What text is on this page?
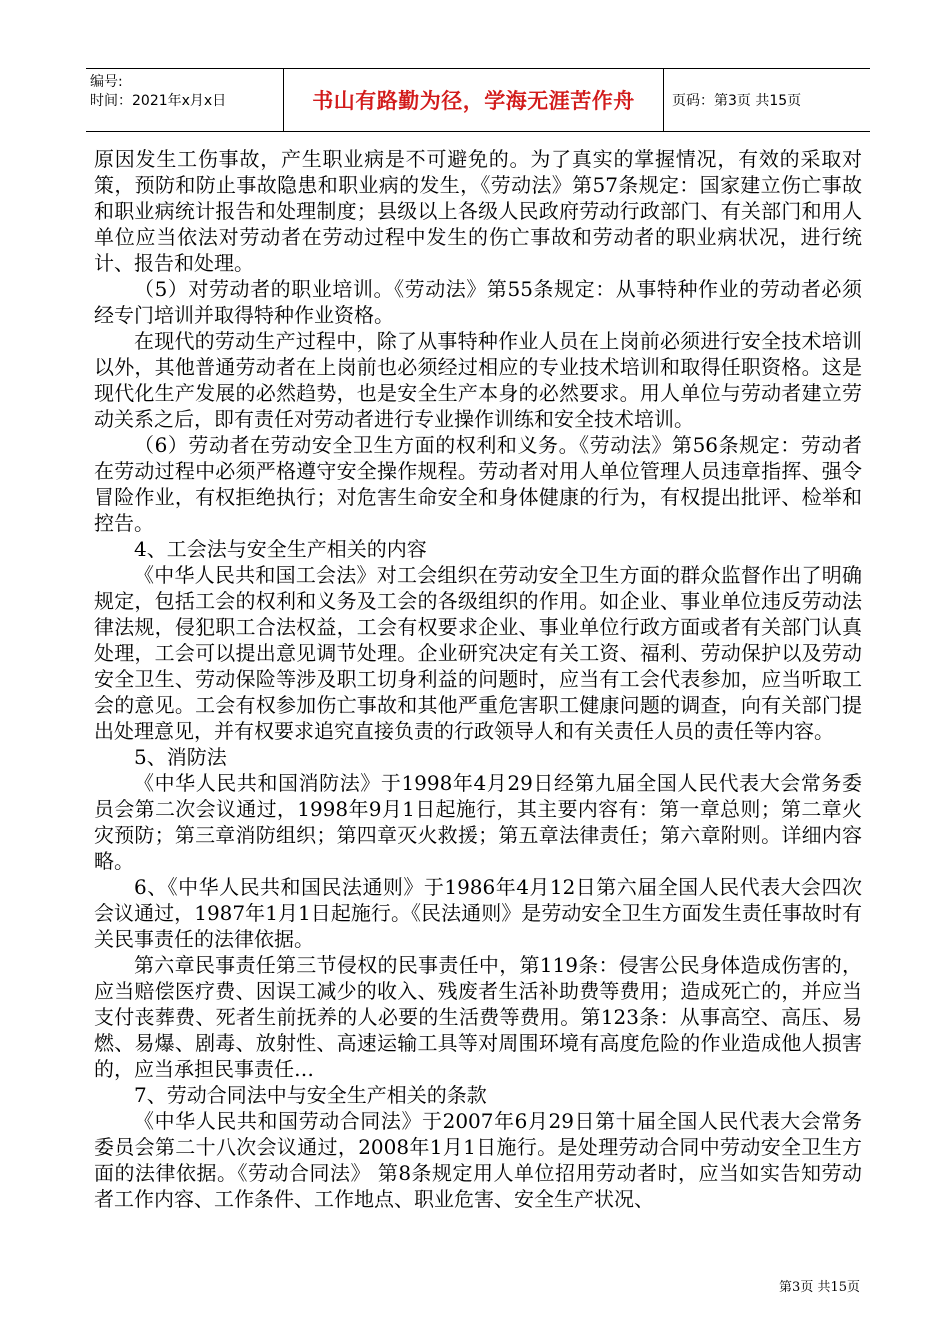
编号:
时间：2021年x月x日	书山有路勤为径，学海无涯苦作舟	页码：第3页 共15页

原因发生工伤事故，产生职业病是不可避免的。为了真实的掌握情况，有效的采取对策，预防和防止事故隐患和职业病的发生，《劳动法》第57条规定：国家建立伤亡事故和职业病统计报告和处理制度；县级以上各级人民政府劳动行政部门、有关部门和用人单位应当依法对劳动者在劳动过程中发生的伤亡事故和劳动者的职业病状况，进行统计、报告和处理。

（5）对劳动者的职业培训。《劳动法》第55条规定：从事特种作业的劳动者必须经专门培训并取得特种作业资格。

在现代的劳动生产过程中，除了从事特种作业人员在上岗前必须进行安全技术培训以外，其他普通劳动者在上岗前也必须经过相应的专业技术培训和取得任职资格。这是现代化生产发展的必然趋势，也是安全生产本身的必然要求。用人单位与劳动者建立劳动关系之后，即有责任对劳动者进行专业操作训练和安全技术培训。

（6）劳动者在劳动安全卫生方面的权利和义务。《劳动法》第56条规定：劳动者在劳动过程中必须严格遵守安全操作规程。劳动者对用人单位管理人员违章指挥、强令冒险作业，有权拒绝执行；对危害生命安全和身体健康的行为，有权提出批评、检举和控告。

4、工会法与安全生产相关的内容

《中华人民共和国工会法》对工会组织在劳动安全卫生方面的群众监督作出了明确规定，包括工会的权利和义务及工会的各级组织的作用。如企业、事业单位违反劳动法律法规，侵犯职工合法权益，工会有权要求企业、事业单位行政方面或者有关部门认真处理，工会可以提出意见调节处理。企业研究决定有关工资、福利、劳动保护以及劳动安全卫生、劳动保险等涉及职工切身利益的问题时，应当有工会代表参加，应当听取工会的意见。工会有权参加伤亡事故和其他严重危害职工健康问题的调查，向有关部门提出处理意见，并有权要求追究直接负责的行政领导人和有关责任人员的责任等内容。

5、消防法

《中华人民共和国消防法》于1998年4月29日经第九届全国人民代表大会常务委员会第二次会议通过，1998年9月1日起施行，其主要内容有：第一章总则；第二章火灾预防；第三章消防组织；第四章灭火救援；第五章法律责任；第六章附则。详细内容略。

6、《中华人民共和国民法通则》于1986年4月12日第六届全国人民代表大会四次会议通过，1987年1月1日起施行。《民法通则》是劳动安全卫生方面发生责任事故时有关民事责任的法律依据。

第六章民事责任第三节侵权的民事责任中，第119条：侵害公民身体造成伤害的，应当赔偿医疗费、因误工减少的收入、残废者生活补助费等费用；造成死亡的，并应当支付丧葬费、死者生前抚养的人必要的生活费等费用。第123条：从事高空、高压、易燃、易爆、剧毒、放射性、高速运输工具等对周围环境有高度危险的作业造成他人损害的，应当承担民事责任…

7、劳动合同法中与安全生产相关的条款

《中华人民共和国劳动合同法》于2007年6月29日第十届全国人民代表大会常务委员会第二十八次会议通过，2008年1月1日施行。是处理劳动合同中劳动安全卫生方面的法律依据。《劳动合同法》 第8条规定用人单位招用劳动者时，应当如实告知劳动者工作内容、工作条件、工作地点、职业危害、安全生产状况、

第3页 共15页
